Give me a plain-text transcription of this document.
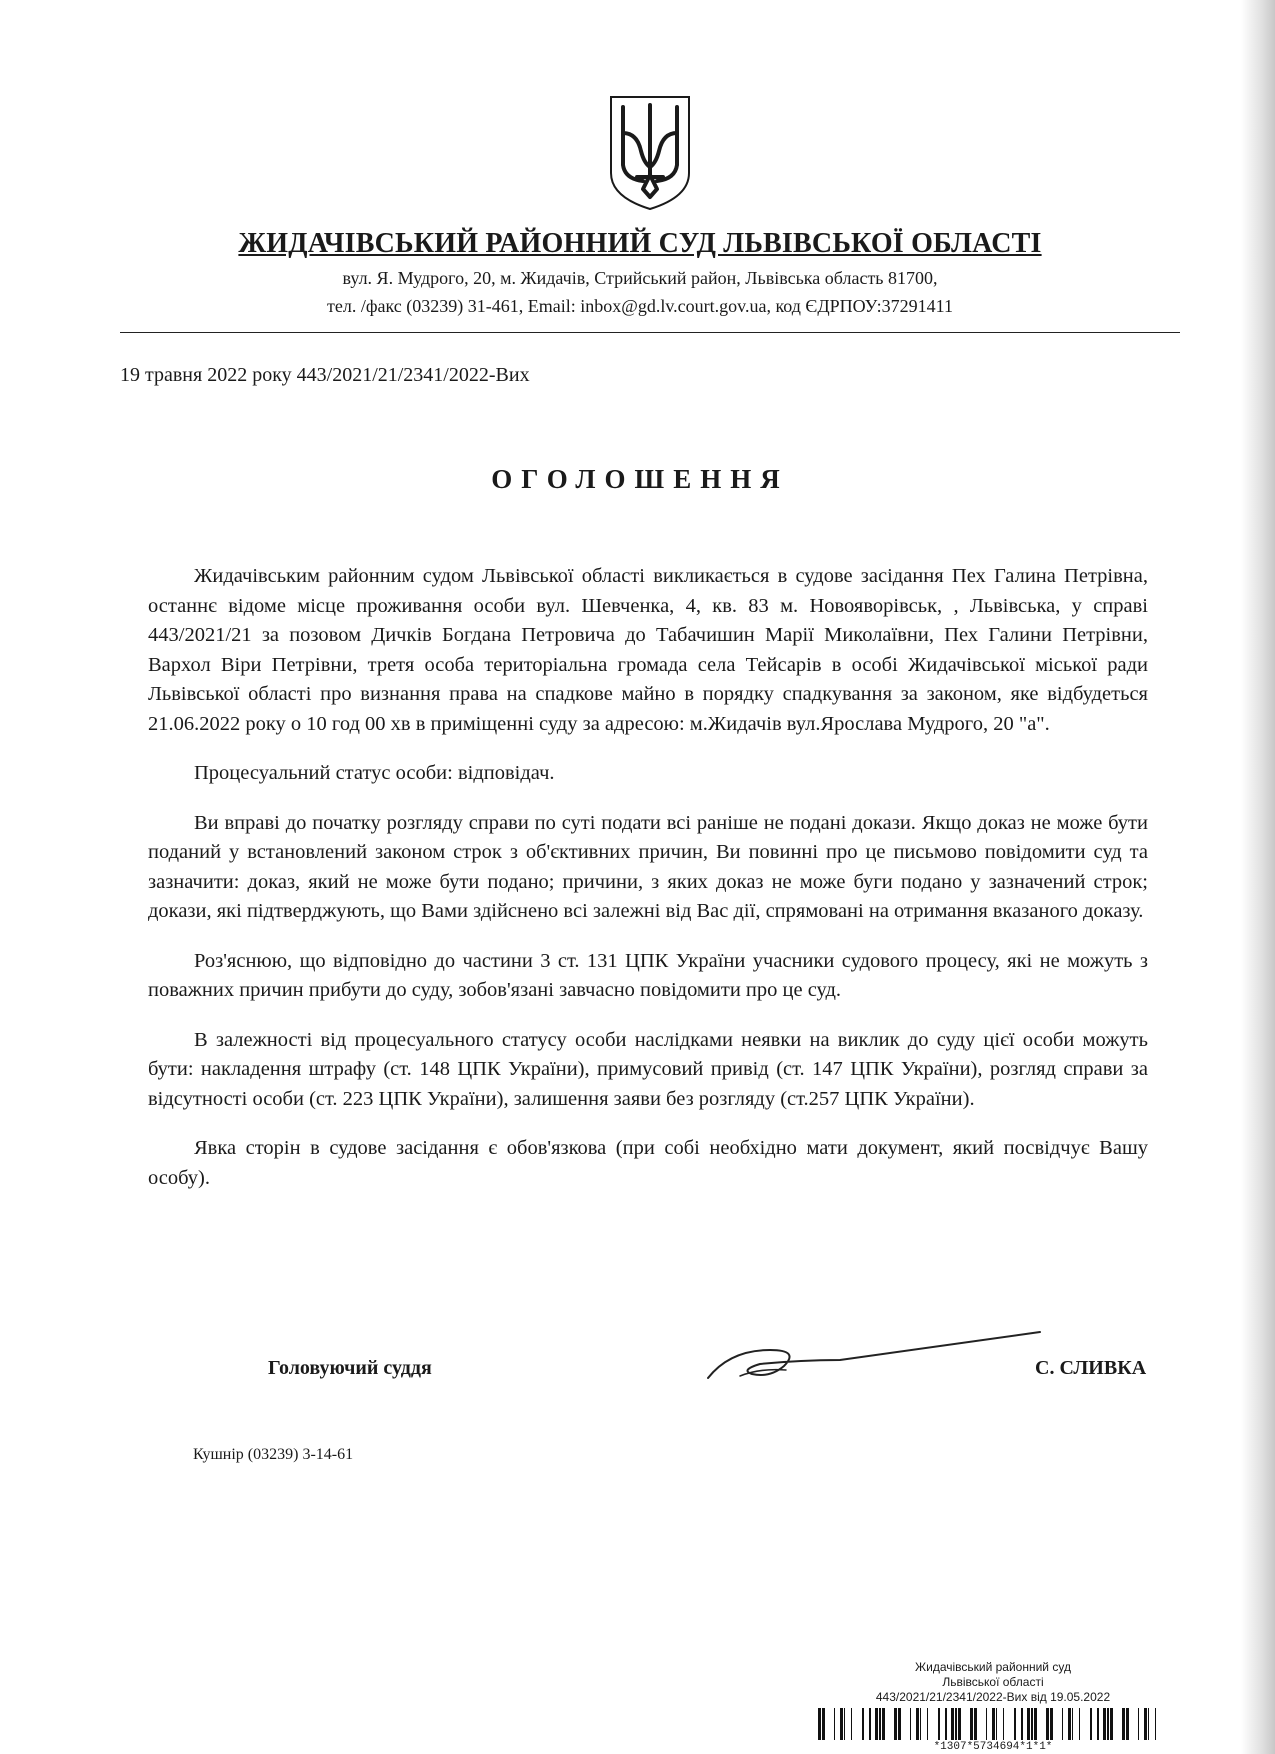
ЖИДАЧІВСЬКИЙ РАЙОННИЙ СУД ЛЬВІВСЬКОЇ ОБЛАСТІ
вул. Я. Мудрого, 20, м. Жидачів, Стрийський район, Львівська область 81700,
тел. /факс (03239) 31-461, Email: inbox@gd.lv.court.gov.ua, код ЄДРПОУ:37291411
19 травня 2022 року 443/2021/21/2341/2022-Вих
ОГОЛОШЕННЯ

Жидачівським районним судом Львівської області викликається в судове засідання Пех Галина Петрівна, останнє відоме місце проживання особи вул. Шевченка, 4, кв. 83 м. Новояворівськ, , Львівська, у справі 443/2021/21 за позовом Дичків Богдана Петровича до Табачишин Марії Миколаївни, Пех Галини Петрівни, Вархол Віри Петрівни, третя особа територіальна громада села Тейсарів в особі Жидачівської міської ради Львівської області про визнання права на спадкове майно в порядку спадкування за законом, яке відбудеться 21.06.2022 року о 10 год 00 хв в приміщенні суду за адресою: м.Жидачів вул.Ярослава Мудрого, 20 "а".

Процесуальний статус особи: відповідач.

Ви вправі до початку розгляду справи по суті подати всі раніше не подані докази. Якщо доказ не може бути поданий у встановлений законом строк з об'єктивних причин, Ви повинні про це письмово повідомити суд та зазначити: доказ, який не може бути подано; причини, з яких доказ не може буги подано у зазначений строк; докази, які підтверджують, що Вами здійснено всі залежні від Вас дії, спрямовані на отримання вказаного доказу.

Роз'яснюю, що відповідно до частини 3 ст. 131 ЦПК України учасники судового процесу, які не можуть з поважних причин прибути до суду, зобов'язані завчасно повідомити про це суд.

В залежності від процесуального статусу особи наслідками неявки на виклик до суду цієї особи можуть бути: накладення штрафу (ст. 148 ЦПК України), примусовий привід (ст. 147 ЦПК України), розгляд справи за відсутності особи (ст. 223 ЦПК України), залишення заяви без розгляду (ст.257 ЦПК України).

Явка сторін в судове засідання є обов'язкова (при собі необхідно мати документ, який посвідчує Вашу особу).

Головуючий суддя	С. СЛИВКА
Кушнір (03239) 3-14-61
Жидачівський районний суд
Львівської області
443/2021/21/2341/2022-Вих від 19.05.2022
*1307*5734694*1*1*
